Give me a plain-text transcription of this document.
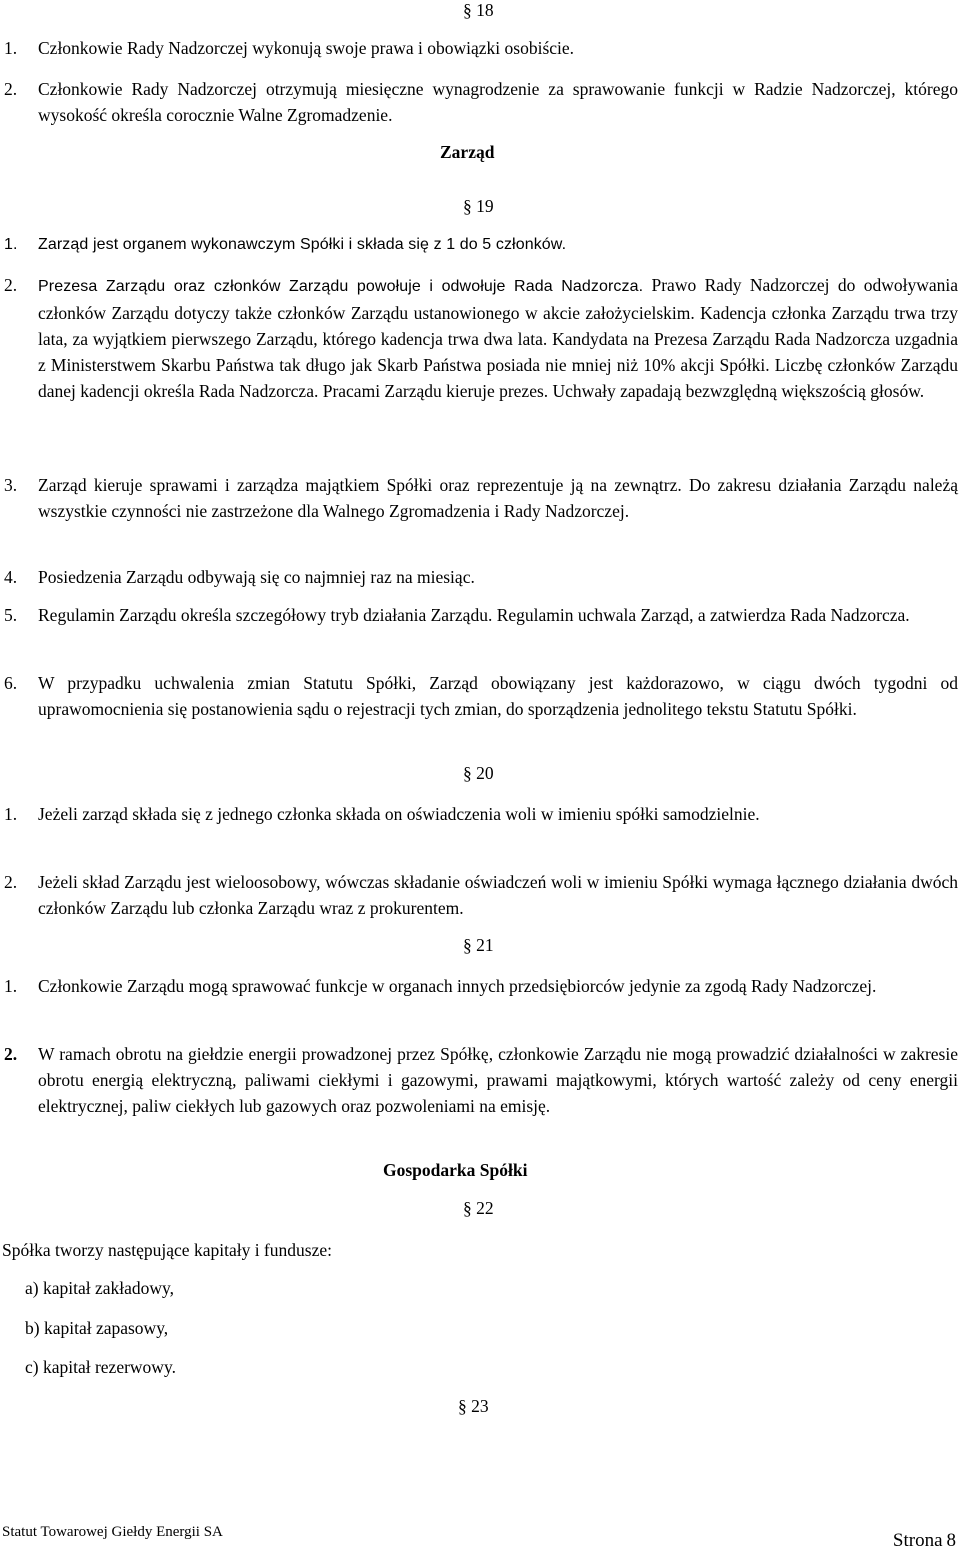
§ 18
1. Członkowie Rady Nadzorczej wykonują swoje prawa i obowiązki osobiście.
2. Członkowie Rady Nadzorczej otrzymują miesięczne wynagrodzenie za sprawowanie funkcji w Radzie Nadzorczej, którego wysokość określa corocznie Walne Zgromadzenie.
Zarząd
§ 19
1. Zarząd jest organem wykonawczym Spółki i składa się z 1 do 5 członków.
2. Prezesa Zarządu oraz członków Zarządu powołuje i odwołuje Rada Nadzorcza. Prawo Rady Nadzorczej do odwoływania członków Zarządu dotyczy także członków Zarządu ustanowionego w akcie założycielskim. Kadencja członka Zarządu trwa trzy lata, za wyjątkiem pierwszego Zarządu, którego kadencja trwa dwa lata. Kandydata na Prezesa Zarządu Rada Nadzorcza uzgadnia z Ministerstwem Skarbu Państwa tak długo jak Skarb Państwa posiada nie mniej niż 10% akcji Spółki. Liczbę członków Zarządu danej kadencji określa Rada Nadzorcza. Pracami Zarządu kieruje prezes. Uchwały zapadają bezwzględną większością głosów.
3. Zarząd kieruje sprawami i zarządza majątkiem Spółki oraz reprezentuje ją na zewnątrz. Do zakresu działania Zarządu należą wszystkie czynności nie zastrzeżone dla Walnego Zgromadzenia i Rady Nadzorczej.
4. Posiedzenia Zarządu odbywają się co najmniej raz na miesiąc.
5. Regulamin Zarządu określa szczegółowy tryb działania Zarządu. Regulamin uchwala Zarząd, a zatwierdza Rada Nadzorcza.
6. W przypadku uchwalenia zmian Statutu Spółki, Zarząd obowiązany jest każdorazowo, w ciągu dwóch tygodni od uprawomocnienia się postanowienia sądu o rejestracji tych zmian, do sporządzenia jednolitego tekstu Statutu Spółki.
§ 20
1. Jeżeli zarząd składa się z jednego członka składa on oświadczenia woli w imieniu spółki samodzielnie.
2. Jeżeli skład Zarządu jest wieloosobowy, wówczas składanie oświadczeń woli w imieniu Spółki wymaga łącznego działania dwóch członków Zarządu lub członka Zarządu wraz z prokurentem.
§ 21
1. Członkowie Zarządu mogą sprawować funkcje w organach innych przedsiębiorców jedynie za zgodą Rady Nadzorczej.
2. W ramach obrotu na giełdzie energii prowadzonej przez Spółkę, członkowie Zarządu nie mogą prowadzić działalności w zakresie obrotu energią elektryczną, paliwami ciekłymi i gazowymi, prawami majątkowymi, których wartość zależy od ceny energii elektrycznej, paliw ciekłych lub gazowych oraz pozwoleniami na emisję.
Gospodarka Spółki
§ 22
Spółka tworzy następujące kapitały i fundusze:
a) kapitał zakładowy,
b) kapitał zapasowy,
c) kapitał rezerwowy.
§ 23
Statut Towarowej Giełdy Energii SA	Strona 8
